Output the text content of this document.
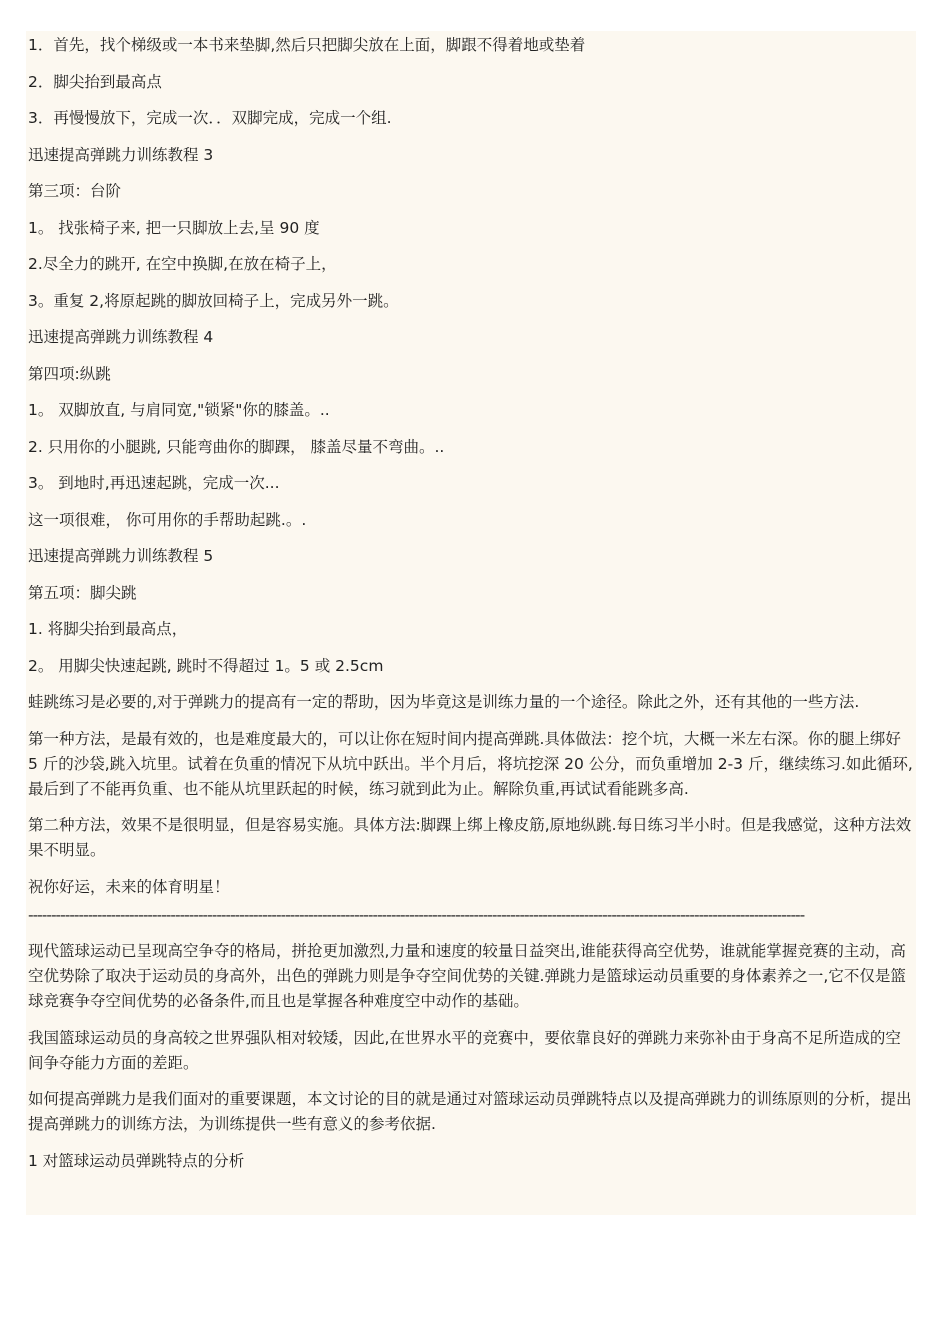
1．首先，找个梯级或一本书来垫脚,然后只把脚尖放在上面，脚跟不得着地或垫着

2．脚尖抬到最高点

3．再慢慢放下，完成一次．．双脚完成，完成一个组.

迅速提高弹跳力训练教程 3

第三项：台阶

1。 找张椅子来, 把一只脚放上去,呈 90 度

2.尽全力的跳开, 在空中换脚,在放在椅子上，

3。重复 2,将原起跳的脚放回椅子上，完成另外一跳。

迅速提高弹跳力训练教程 4

第四项:纵跳

1。 双脚放直, 与肩同宽,"锁紧"你的膝盖。..

2. 只用你的小腿跳, 只能弯曲你的脚踝， 膝盖尽量不弯曲。..

3。 到地时,再迅速起跳，完成一次...

这一项很难， 你可用你的手帮助起跳.。.

迅速提高弹跳力训练教程 5

第五项：脚尖跳

1. 将脚尖抬到最高点，

2。 用脚尖快速起跳, 跳时不得超过 1。5 或 2.5cm

蛙跳练习是必要的,对于弹跳力的提高有一定的帮助，因为毕竟这是训练力量的一个途径。除此之外，还有其他的一些方法.

第一种方法，是最有效的，也是难度最大的，可以让你在短时间内提高弹跳.具体做法：挖个坑，大概一米左右深。你的腿上绑好 5 斤的沙袋,跳入坑里。试着在负重的情况下从坑中跃出。半个月后，将坑挖深 20 公分，而负重增加 2-3 斤，继续练习.如此循环,最后到了不能再负重、也不能从坑里跃起的时候，练习就到此为止。解除负重,再试试看能跳多高.

第二种方法，效果不是很明显，但是容易实施。具体方法:脚踝上绑上橡皮筋,原地纵跳.每日练习半小时。但是我感觉，这种方法效果不明显。

祝你好运，未来的体育明星！

-------------------------------------------------------------------------------------------------------------------------------------------------------------------------

现代篮球运动已呈现高空争夺的格局，拼抢更加激烈,力量和速度的较量日益突出,谁能获得高空优势，谁就能掌握竞赛的主动，高空优势除了取决于运动员的身高外，出色的弹跳力则是争夺空间优势的关键.弹跳力是篮球运动员重要的身体素养之一,它不仅是篮球竞赛争夺空间优势的必备条件,而且也是掌握各种难度空中动作的基础。

我国篮球运动员的身高较之世界强队相对较矮，因此,在世界水平的竞赛中，要依靠良好的弹跳力来弥补由于身高不足所造成的空间争夺能力方面的差距。

如何提高弹跳力是我们面对的重要课题，本文讨论的目的就是通过对篮球运动员弹跳特点以及提高弹跳力的训练原则的分析，提出提高弹跳力的训练方法，为训练提供一些有意义的参考依据.

1 对篮球运动员弹跳特点的分析
